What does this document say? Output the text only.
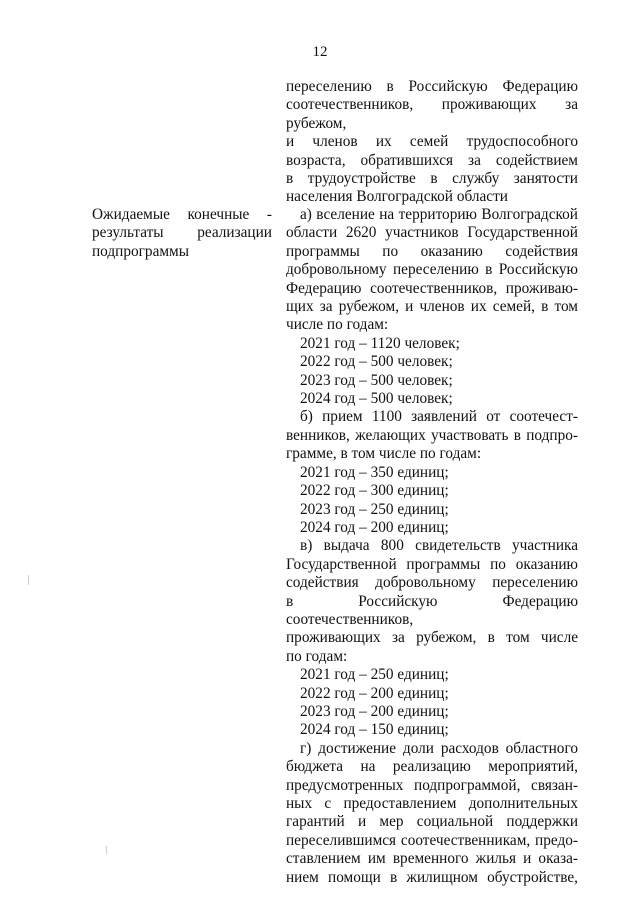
12

переселению в Российскую Федерацию

соотечественников, проживающих за рубежом,

и членов их семей трудоспособного

возраста, обратившихся за содействием

в трудоустройстве в службу занятости

населения Волгоградской области

Ожидаемые конечные -

результаты реализации

подпрограммы

а) вселение на территорию Волгоградской

области 2620 участников Государственной

программы по оказанию содействия

добровольному переселению в Российскую

Федерацию соотечественников, проживаю-

щих за рубежом, и членов их семей, в том

числе по годам:

2021 год – 1120 человек;

2022 год – 500 человек;

2023 год – 500 человек;

2024 год – 500 человек;

б) прием 1100 заявлений от соотечест-

венников, желающих участвовать в подпро-

грамме, в том числе по годам:

2021 год – 350 единиц;

2022 год – 300 единиц;

2023 год – 250 единиц;

2024 год – 200 единиц;

в) выдача 800 свидетельств участника

Государственной программы по оказанию

содействия добровольному переселению

в Российскую Федерацию соотечественников,

проживающих за рубежом, в том числе

по годам:

2021 год – 250 единиц;

2022 год – 200 единиц;

2023 год – 200 единиц;

2024 год – 150 единиц;

г) достижение доли расходов областного

бюджета на реализацию мероприятий,

предусмотренных подпрограммой, связан-

ных с предоставлением дополнительных

гарантий и мер социальной поддержки

переселившимся соотечественникам, предо-

ставлением им временного жилья и оказа-

нием помощи в жилищном обустройстве,
